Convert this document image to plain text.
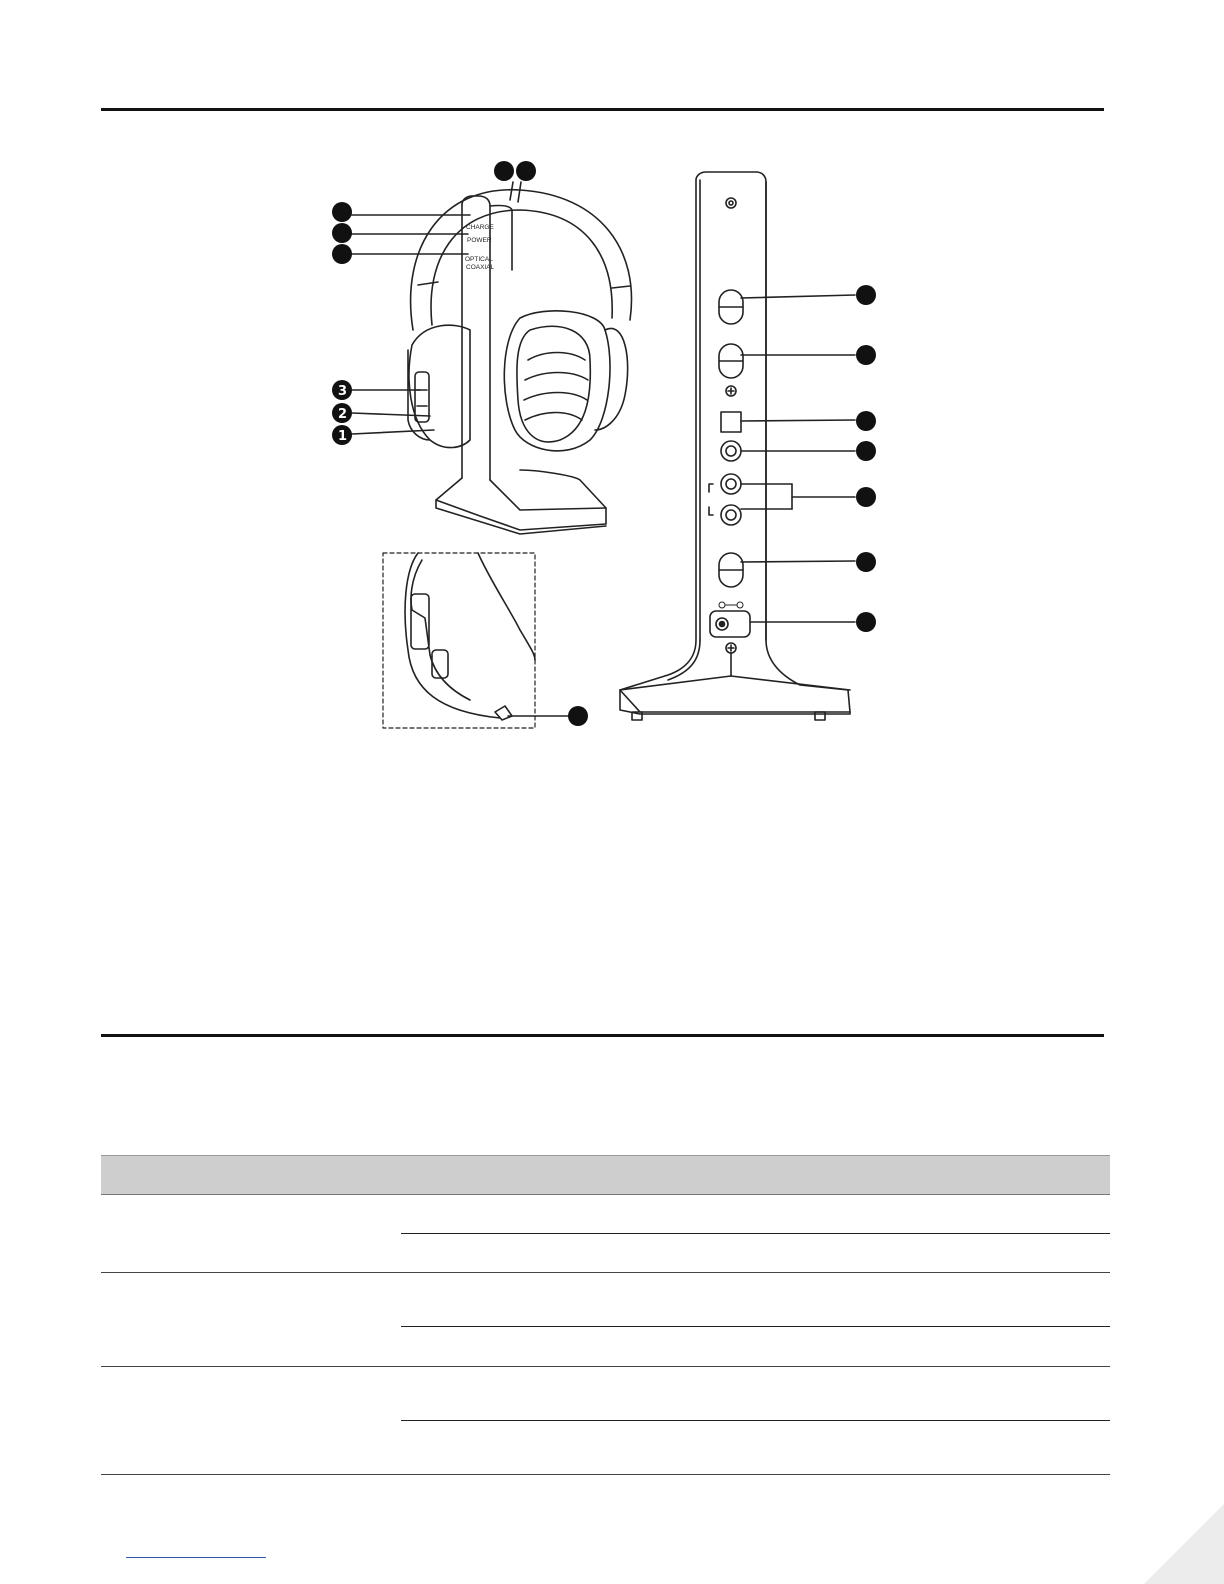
CHARGE
POWER
OPTICAL
COAXIAL
3
2
1
